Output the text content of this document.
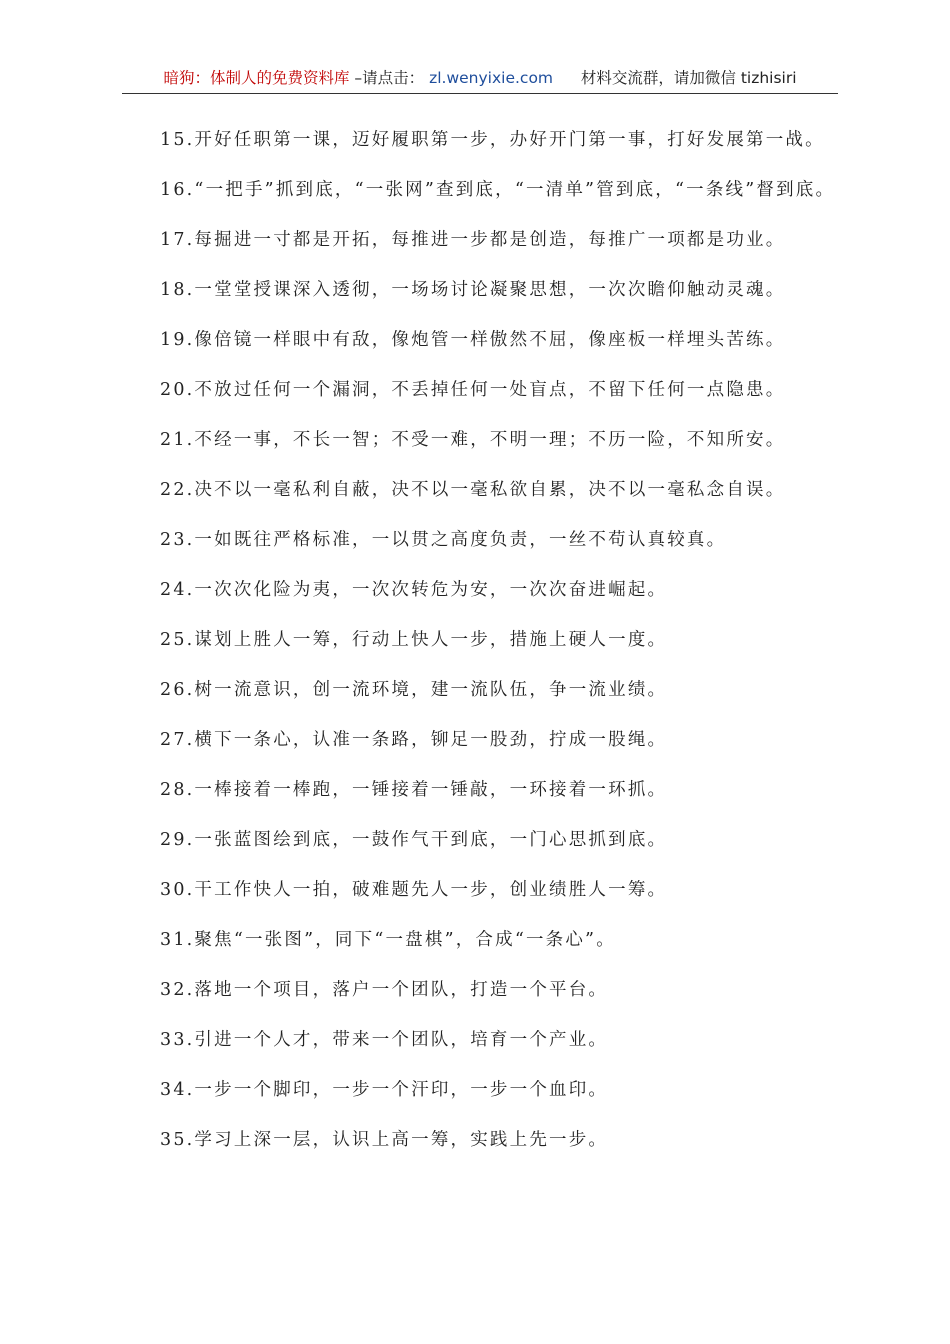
暗狗：体制人的免费资料库 –请点击： zl.wenyixie.com 材料交流群，请加微信 tizhisiri

15.开好任职第一课，迈好履职第一步，办好开门第一事，打好发展第一战。

16.“一把手”抓到底，“一张网”查到底，“一清单”管到底，“一条线”督到底。

17.每掘进一寸都是开拓，每推进一步都是创造，每推广一项都是功业。

18.一堂堂授课深入透彻，一场场讨论凝聚思想，一次次瞻仰触动灵魂。

19.像倍镜一样眼中有敌，像炮管一样傲然不屈，像座板一样埋头苦练。

20.不放过任何一个漏洞，不丢掉任何一处盲点，不留下任何一点隐患。

21.不经一事，不长一智；不受一难，不明一理；不历一险，不知所安。

22.决不以一毫私利自蔽，决不以一毫私欲自累，决不以一毫私念自误。

23.一如既往严格标准，一以贯之高度负责，一丝不苟认真较真。

24.一次次化险为夷，一次次转危为安，一次次奋进崛起。

25.谋划上胜人一筹，行动上快人一步，措施上硬人一度。

26.树一流意识，创一流环境，建一流队伍，争一流业绩。

27.横下一条心，认准一条路，铆足一股劲，拧成一股绳。

28.一棒接着一棒跑，一锤接着一锤敲，一环接着一环抓。

29.一张蓝图绘到底，一鼓作气干到底，一门心思抓到底。

30.干工作快人一拍，破难题先人一步，创业绩胜人一筹。

31.聚焦“一张图”，同下“一盘棋”，合成“一条心”。

32.落地一个项目，落户一个团队，打造一个平台。

33.引进一个人才，带来一个团队，培育一个产业。

34.一步一个脚印，一步一个汗印，一步一个血印。

35.学习上深一层，认识上高一筹，实践上先一步。
